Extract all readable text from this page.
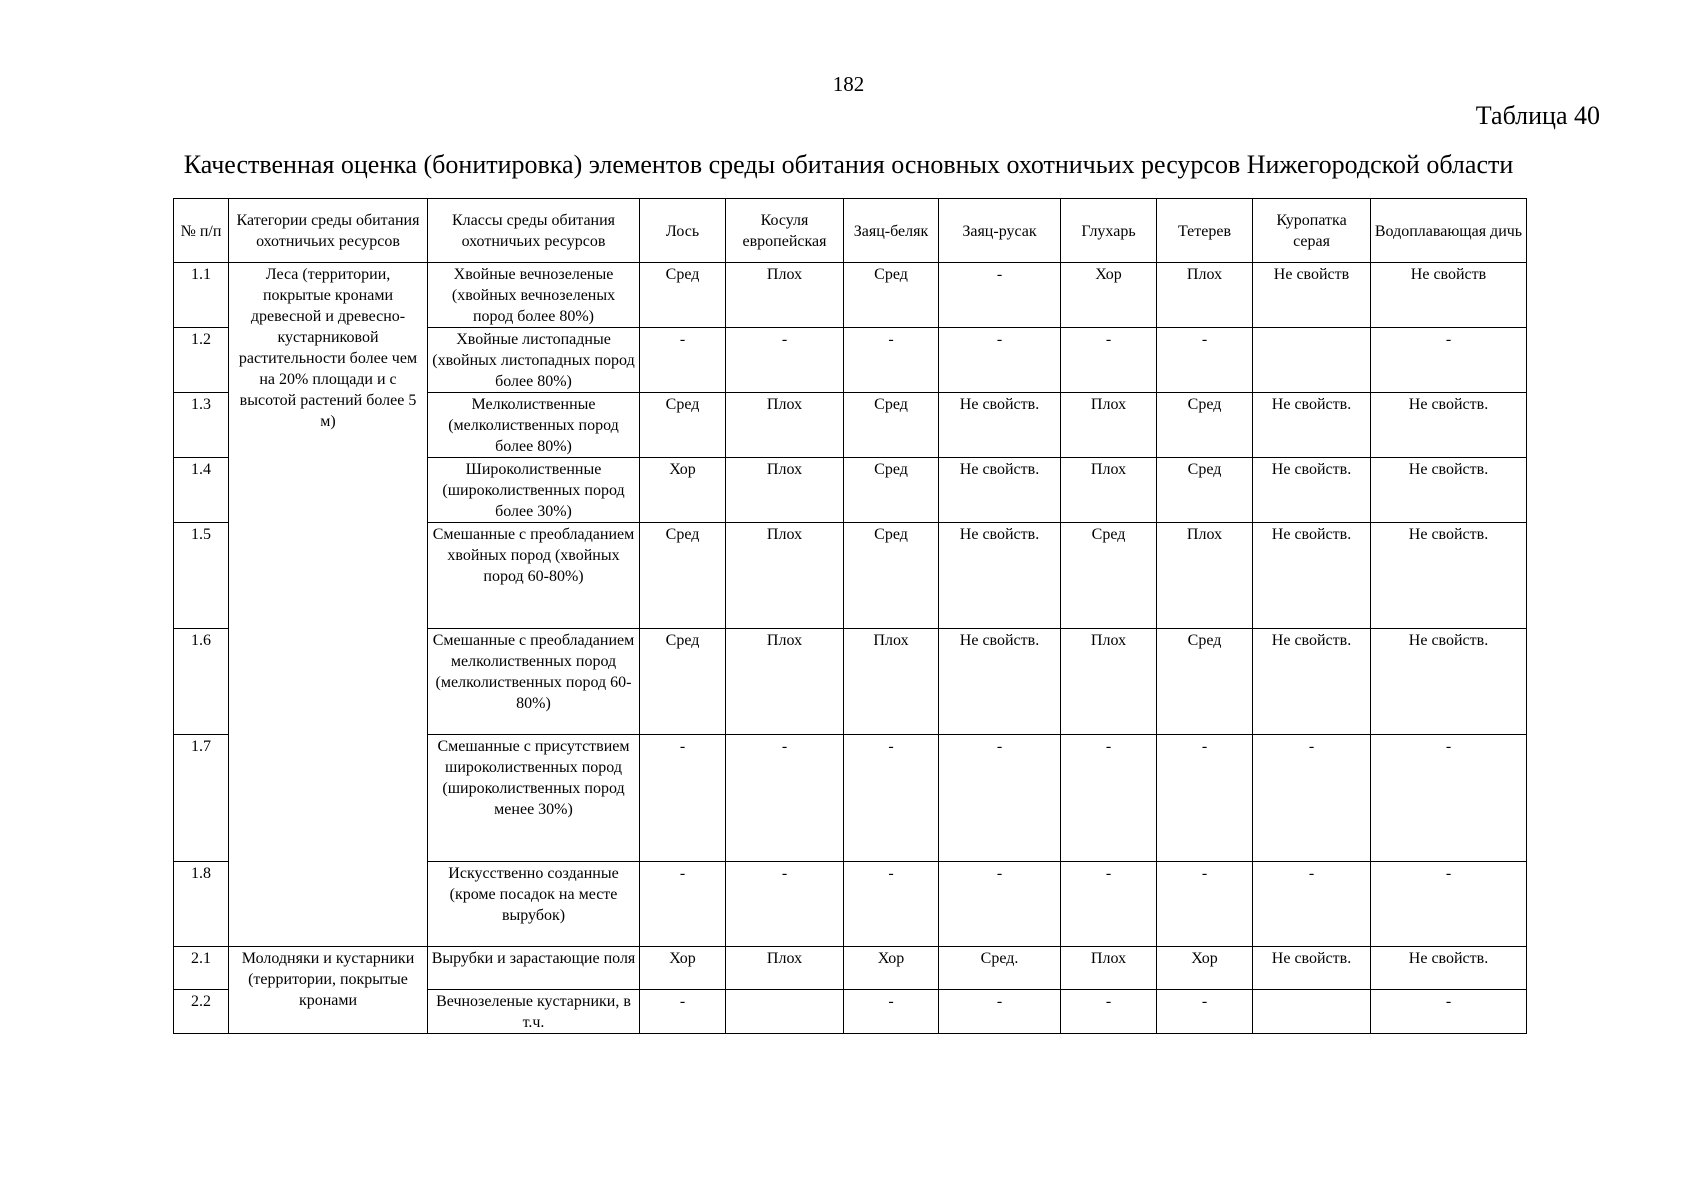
182
Таблица 40
Качественная оценка (бонитировка) элементов среды обитания основных охотничьих ресурсов Нижегородской области
№ п/п	Категории среды обитания охотничьих ресурсов	Классы среды обитания охотничьих ресурсов	Лось	Косуля европейская	Заяц-беляк	Заяц-русак	Глухарь	Тетерев	Куропатка серая	Водоплавающая дичь
1.1	Леса (территории, покрытые кронами древесной и древесно-кустарниковой растительности более чем на 20% площади и с высотой растений более 5 м)	Хвойные вечнозеленые (хвойных вечнозеленых пород более 80%)	Сред	Плох	Сред	-	Хор	Плох	Не свойств	Не свойств
1.2		Хвойные листопадные (хвойных листопадных пород более 80%)	-	-	-	-	-	-		-
1.3		Мелколиственные (мелколиственных пород более 80%)	Сред	Плох	Сред	Не свойств.	Плох	Сред	Не свойств.	Не свойств.
1.4		Широколиственные (широколиственных пород более 30%)	Хор	Плох	Сред	Не свойств.	Плох	Сред	Не свойств.	Не свойств.
1.5		Смешанные с преобладанием хвойных пород (хвойных пород 60-80%)	Сред	Плох	Сред	Не свойств.	Сред	Плох	Не свойств.	Не свойств.
1.6		Смешанные с преобладанием мелколиственных пород (мелколиственных пород 60-80%)	Сред	Плох	Плох	Не свойств.	Плох	Сред	Не свойств.	Не свойств.
1.7		Смешанные с присутствием широколиственных пород (широколиственных пород менее 30%)	-	-	-	-	-	-	-	-
1.8		Искусственно созданные (кроме посадок на месте вырубок)	-	-	-	-	-	-	-	-
2.1	Молодняки и кустарники (территории, покрытые кронами	Вырубки и зарастающие поля	Хор	Плох	Хор	Сред.	Плох	Хор	Не свойств.	Не свойств.
2.2		Вечнозеленые кустарники, в т.ч.	-		-	-	-	-		-
